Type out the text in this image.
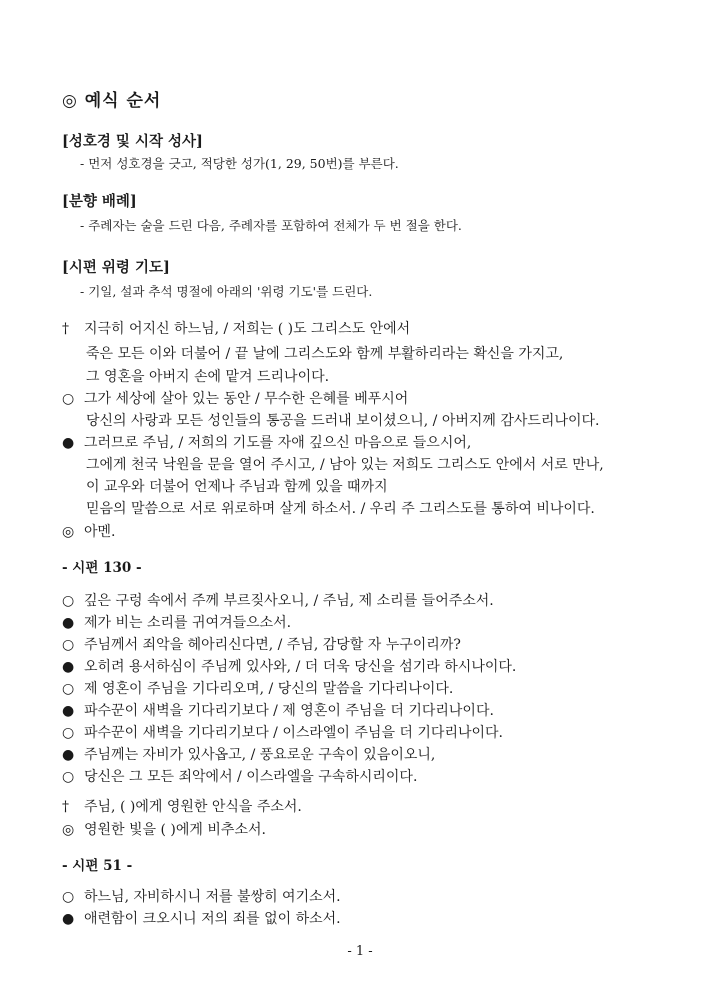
◎ 예식 순서
[성호경 및 시작 성사]
- 먼저 성호경을 긋고, 적당한 성가(1, 29, 50번)를 부른다.
[분향 배례]
- 주례자는 술을 드린 다음, 주례자를 포함하여 전체가 두 번 절을 한다.
[시편 위령 기도]
- 기일, 설과 추석 명절에 아래의 '위령 기도'를 드린다.
† 지극히 어지신 하느님, / 저희는 ( )도 그리스도 안에서
죽은 모든 이와 더불어 / 끝 날에 그리스도와 함께 부활하리라는 확신을 가지고,
그 영혼을 아버지 손에 맡겨 드리나이다.
○ 그가 세상에 살아 있는 동안 / 무수한 은혜를 베푸시어
당신의 사랑과 모든 성인들의 통공을 드러내 보이셨으니, / 아버지께 감사드리나이다.
● 그러므로 주님, / 저희의 기도를 자애 깊으신 마음으로 들으시어,
그에게 천국 낙원을 문을 열어 주시고, / 남아 있는 저희도 그리스도 안에서 서로 만나,
이 교우와 더불어 언제나 주님과 함께 있을 때까지
믿음의 말씀으로 서로 위로하며 살게 하소서. / 우리 주 그리스도를 통하여 비나이다.
◎ 아멘.
- 시편 130 -
○ 깊은 구렁 속에서 주께 부르짖사오니, / 주님, 제 소리를 들어주소서.
● 제가 비는 소리를 귀여겨들으소서.
○ 주님께서 죄악을 헤아리신다면, / 주님, 감당할 자 누구이리까?
● 오히려 용서하심이 주님께 있사와, / 더 더욱 당신을 섬기라 하시나이다.
○ 제 영혼이 주님을 기다리오며, / 당신의 말씀을 기다리나이다.
● 파수꾼이 새벽을 기다리기보다 / 제 영혼이 주님을 더 기다리나이다.
○ 파수꾼이 새벽을 기다리기보다 / 이스라엘이 주님을 더 기다리나이다.
● 주님께는 자비가 있사옵고, / 풍요로운 구속이 있음이오니,
○ 당신은 그 모든 죄악에서 / 이스라엘을 구속하시리이다.
† 주님, ( )에게 영원한 안식을 주소서.
◎ 영원한 빛을 ( )에게 비추소서.
- 시편 51 -
○ 하느님, 자비하시니 저를 불쌍히 여기소서.
● 애련함이 크오시니 저의 죄를 없이 하소서.
- 1 -
